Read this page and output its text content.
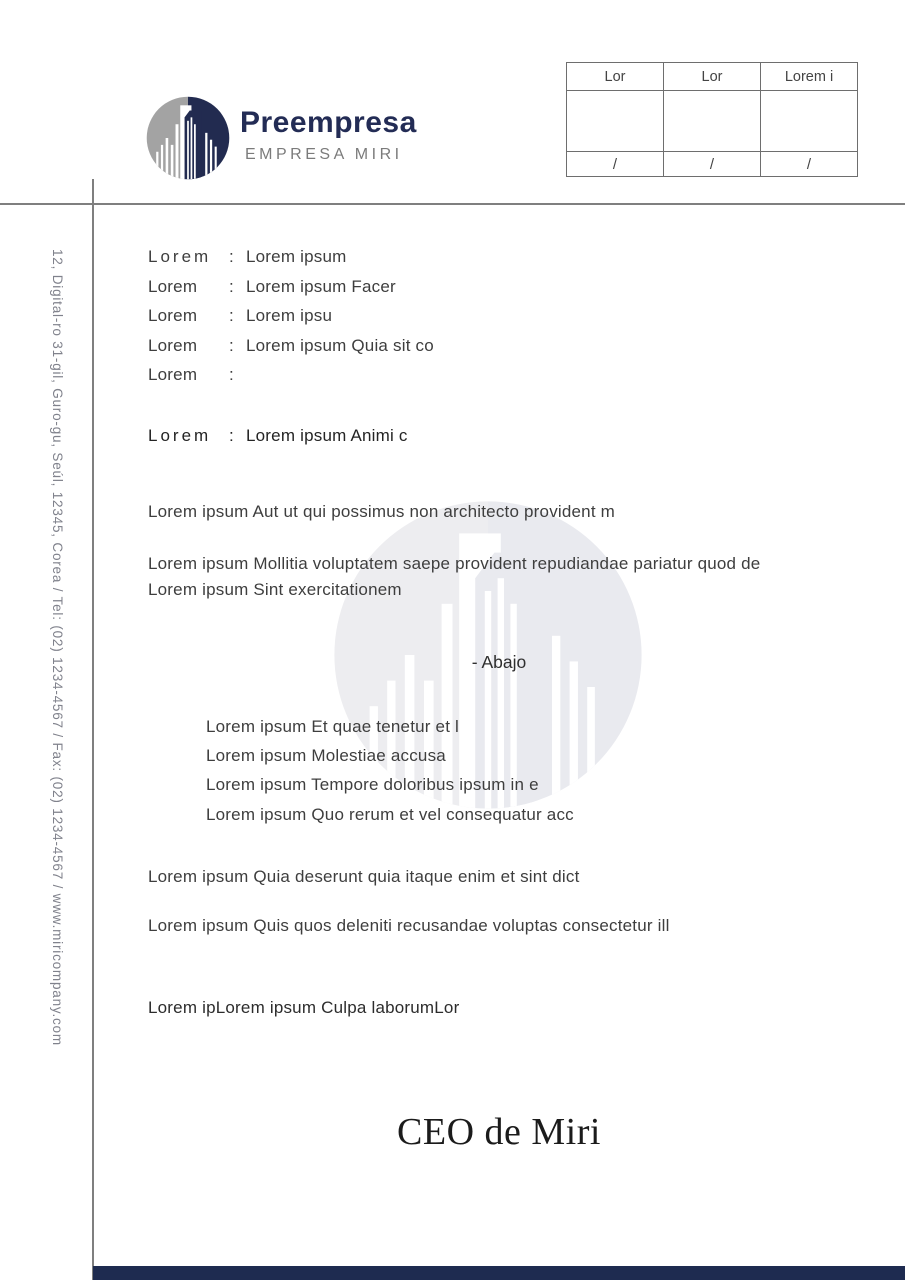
Preempresa
EMPRESA MIRI
Lor	Lor	Lorem i

/	/	/
12, Digital-ro 31-gil, Guro-gu, Seúl, 12345, Corea / Tel: (02) 1234-4567 / Fax: (02) 1234-4567 / www.miricompany.com	Lorem	: Lorem ipsum
Lorem	: Lorem ipsum Facer
Lorem	: Lorem ipsu
Lorem	: Lorem ipsum Quia sit co
Lorem	:
Lorem	: Lorem ipsum Animi c
Lorem ipsum Aut ut qui possimus non architecto provident m
Lorem ipsum Mollitia voluptatem saepe provident repudiandae pariatur quod de
Lorem ipsum Sint exercitationem
- Abajo
Lorem ipsum Et quae tenetur et l
Lorem ipsum Molestiae accusa
Lorem ipsum Tempore doloribus ipsum in e
Lorem ipsum Quo rerum et vel consequatur acc
Lorem ipsum Quia deserunt quia itaque enim et sint dict
Lorem ipsum Quis quos deleniti recusandae voluptas consectetur ill
Lorem ipLorem ipsum Culpa laborumLor
CEO de Miri
